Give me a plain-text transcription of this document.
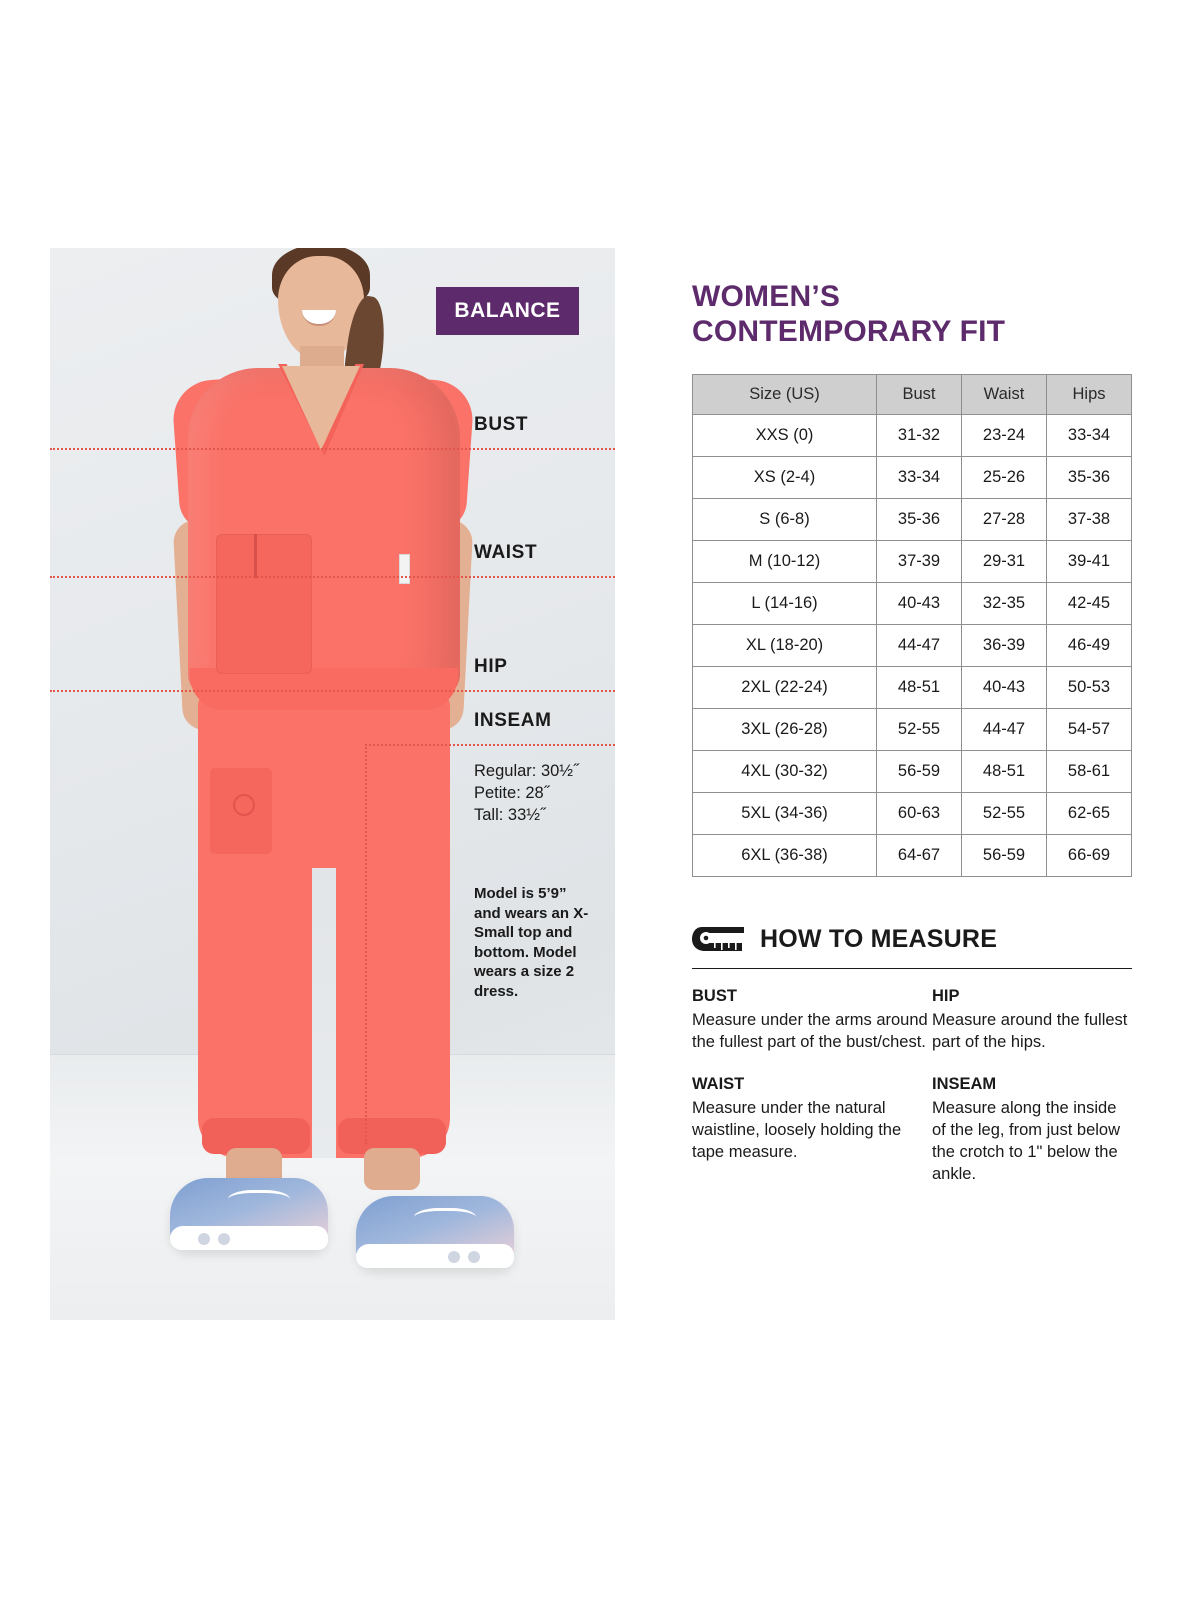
BALANCE
BUST
WAIST
HIP
INSEAM
Regular: 30½˝
Petite: 28˝
Tall: 33½˝
Model is 5’9” and wears an X-Small top and bottom. Model wears a size 2 dress.
WOMEN’S
CONTEMPORARY FIT
Size (US)	Bust	Waist	Hips
XXS (0)	31-32	23-24	33-34
XS (2-4)	33-34	25-26	35-36
S (6-8)	35-36	27-28	37-38
M (10-12)	37-39	29-31	39-41
L (14-16)	40-43	32-35	42-45
XL (18-20)	44-47	36-39	46-49
2XL (22-24)	48-51	40-43	50-53
3XL (26-28)	52-55	44-47	54-57
4XL (30-32)	56-59	48-51	58-61
5XL (34-36)	60-63	52-55	62-65
6XL (36-38)	64-67	56-59	66-69
HOW TO MEASURE
BUST
Measure under the arms around the fullest part of the bust/chest.
HIP
Measure around the fullest part of the hips.
WAIST
Measure under the natural waistline, loosely holding the tape measure.
INSEAM
Measure along the inside of the leg, from just below the crotch to 1" below the ankle.
